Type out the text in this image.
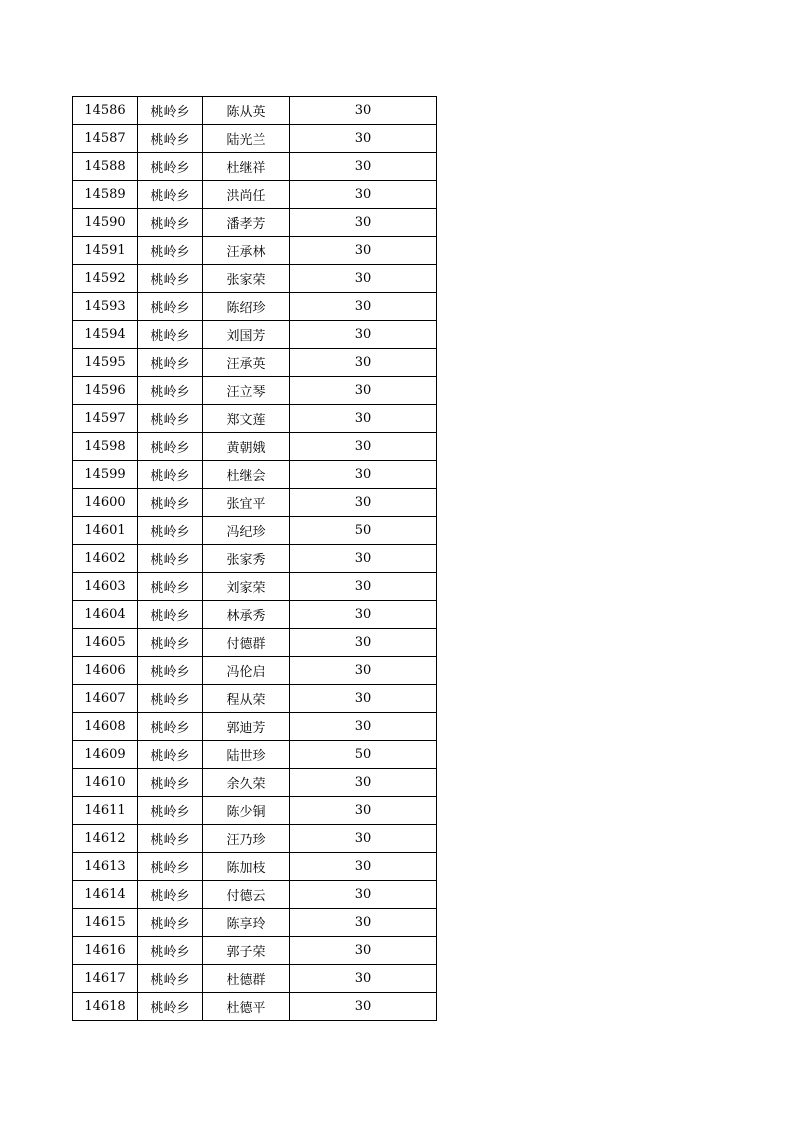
14586	桃岭乡	陈从英	30
14587	桃岭乡	陆光兰	30
14588	桃岭乡	杜继祥	30
14589	桃岭乡	洪尚任	30
14590	桃岭乡	潘孝芳	30
14591	桃岭乡	汪承林	30
14592	桃岭乡	张家荣	30
14593	桃岭乡	陈绍珍	30
14594	桃岭乡	刘国芳	30
14595	桃岭乡	汪承英	30
14596	桃岭乡	汪立琴	30
14597	桃岭乡	郑文莲	30
14598	桃岭乡	黄朝娥	30
14599	桃岭乡	杜继会	30
14600	桃岭乡	张宜平	30
14601	桃岭乡	冯纪珍	50
14602	桃岭乡	张家秀	30
14603	桃岭乡	刘家荣	30
14604	桃岭乡	林承秀	30
14605	桃岭乡	付德群	30
14606	桃岭乡	冯伦启	30
14607	桃岭乡	程从荣	30
14608	桃岭乡	郭迪芳	30
14609	桃岭乡	陆世珍	50
14610	桃岭乡	余久荣	30
14611	桃岭乡	陈少铜	30
14612	桃岭乡	汪乃珍	30
14613	桃岭乡	陈加枝	30
14614	桃岭乡	付德云	30
14615	桃岭乡	陈享玲	30
14616	桃岭乡	郭子荣	30
14617	桃岭乡	杜德群	30
14618	桃岭乡	杜德平	30
